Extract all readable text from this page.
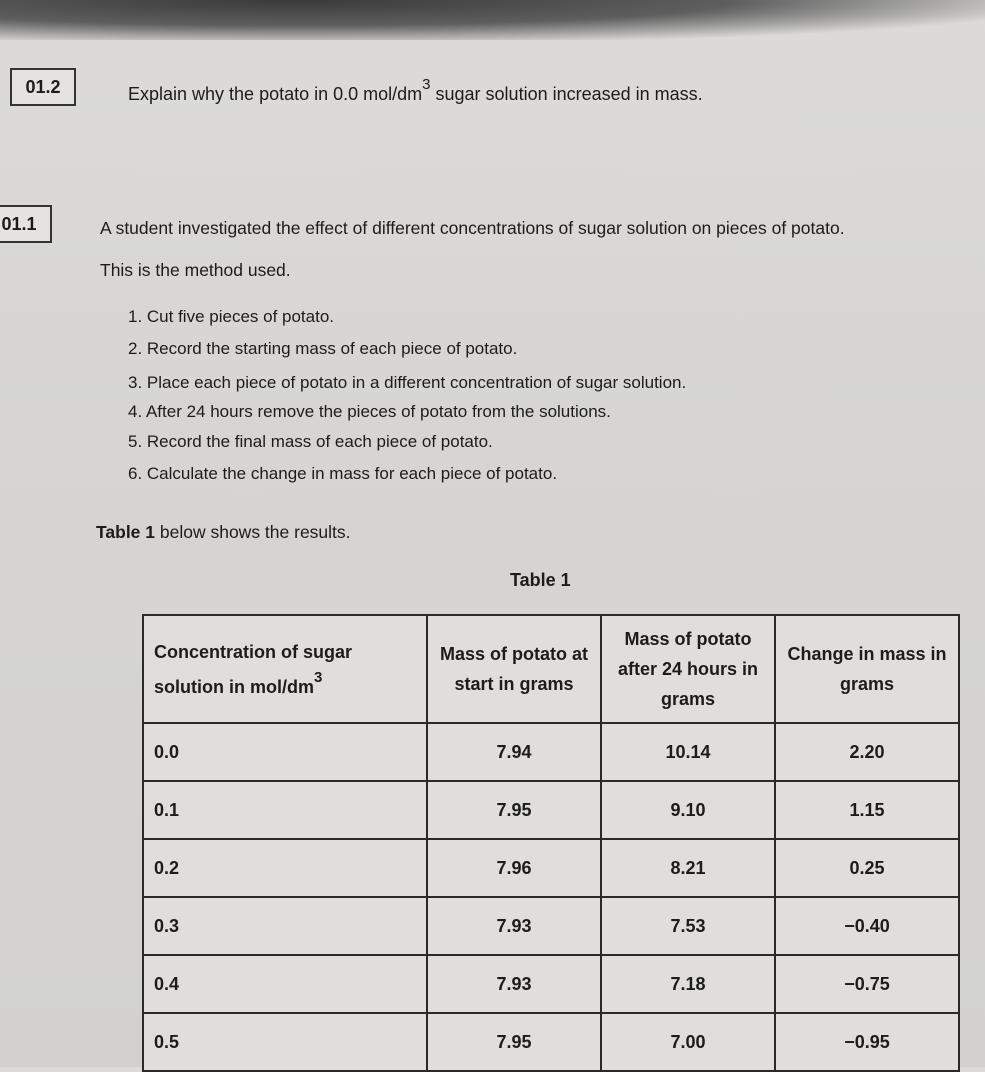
01.2	Explain why the potato in 0.0 mol/$dm^3$ sugar solution increased in mass.
01.1	A student investigated the effect of different concentrations of sugar solution on pieces of potato.
This is the method used.
1. Cut five pieces of potato.
2. Record the starting mass of each piece of potato.
3. Place each piece of potato in a different concentration of sugar solution.
4. After 24 hours remove the pieces of potato from the solutions.
5. Record the final mass of each piece of potato.
6. Calculate the change in mass for each piece of potato.
Table 1 below shows the results.
Table 1
Concentration of sugar
solution in mol/$dm^3$	Mass of potato at start in grams	Mass of potato after 24 hours in grams	Change in mass in grams
0.0	7.94	10.14	2.20
0.1	7.95	9.10	1.15
0.2	7.96	8.21	0.25
0.3	7.93	7.53	−0.40
0.4	7.93	7.18	−0.75
0.5	7.95	7.00	−0.95
